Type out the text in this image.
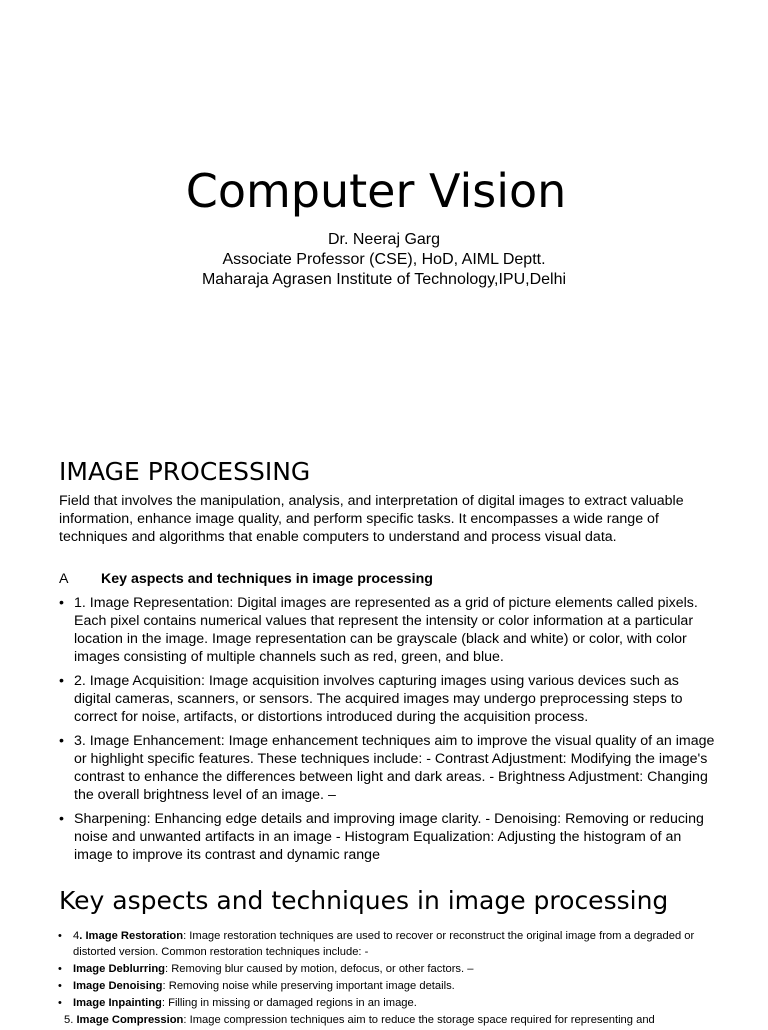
Computer Vision
Dr. Neeraj Garg
Associate Professor (CSE), HoD, AIML Deptt.
Maharaja Agrasen Institute of Technology,IPU,Delhi
IMAGE PROCESSING

Field that involves the manipulation, analysis, and interpretation of digital images to extract valuable information, enhance image quality, and perform specific tasks. It encompasses a wide range of techniques and algorithms that enable computers to understand and process visual data.

A Key aspects and techniques in image processing
• 1. Image Representation: Digital images are represented as a grid of picture elements called pixels. Each pixel contains numerical values that represent the intensity or color information at a particular location in the image. Image representation can be grayscale (black and white) or color, with color images consisting of multiple channels such as red, green, and blue.
• 2. Image Acquisition: Image acquisition involves capturing images using various devices such as digital cameras, scanners, or sensors. The acquired images may undergo preprocessing steps to correct for noise, artifacts, or distortions introduced during the acquisition process.
• 3. Image Enhancement: Image enhancement techniques aim to improve the visual quality of an image or highlight specific features. These techniques include: - Contrast Adjustment: Modifying the image's contrast to enhance the differences between light and dark areas. - Brightness Adjustment: Changing the overall brightness level of an image. –
• Sharpening: Enhancing edge details and improving image clarity. - Denoising: Removing or reducing noise and unwanted artifacts in an image - Histogram Equalization: Adjusting the histogram of an image to improve its contrast and dynamic range
Key aspects and techniques in image processing
• 4. Image Restoration: Image restoration techniques are used to recover or reconstruct the original image from a degraded or distorted version. Common restoration techniques include: -
• Image Deblurring: Removing blur caused by motion, defocus, or other factors. –
• Image Denoising: Removing noise while preserving important image details.
• Image Inpainting: Filling in missing or damaged regions in an image.
5. Image Compression: Image compression techniques aim to reduce the storage space required for representing and
